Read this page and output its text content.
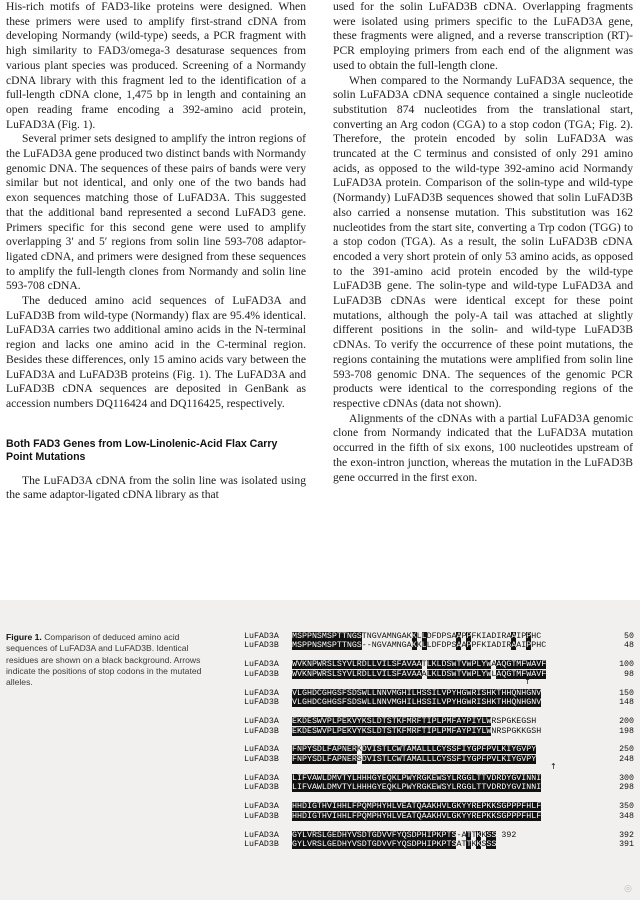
His-rich motifs of FAD3-like proteins were designed. When these primers were used to amplify first-strand cDNA from developing Normandy (wild-type) seeds, a PCR fragment with high similarity to FAD3/omega-3 desaturase sequences from various plant species was produced. Screening of a Normandy cDNA library with this fragment led to the identification of a full-length cDNA clone, 1,475 bp in length and containing an open reading frame encoding a 392-amino acid protein, LuFAD3A (Fig. 1).

Several primer sets designed to amplify the intron regions of the LuFAD3A gene produced two distinct bands with Normandy genomic DNA. The sequences of these pairs of bands were very similar but not identical, and only one of the two bands had exon sequences matching those of LuFAD3A. This suggested that the additional band represented a second LuFAD3 gene. Primers specific for this second gene were used to amplify overlapping 3′ and 5′ regions from solin line 593-708 adaptor-ligated cDNA, and primers were designed from these sequences to amplify the full-length clones from Normandy and solin line 593-708 cDNA.

The deduced amino acid sequences of LuFAD3A and LuFAD3B from wild-type (Normandy) flax are 95.4% identical. LuFAD3A carries two additional amino acids in the N-terminal region and lacks one amino acid in the C-terminal region. Besides these differences, only 15 amino acids vary between the LuFAD3A and LuFAD3B proteins (Fig. 1). The LuFAD3A and LuFAD3B cDNA sequences are deposited in GenBank as accession numbers DQ116424 and DQ116425, respectively.

Both FAD3 Genes from Low-Linolenic-Acid Flax Carry Point Mutations

The LuFAD3A cDNA from the solin line was isolated using the same adaptor-ligated cDNA library as that

used for the solin LuFAD3B cDNA. Overlapping fragments were isolated using primers specific to the LuFAD3A gene, these fragments were aligned, and a reverse transcription (RT)-PCR employing primers from each end of the alignment was used to obtain the full-length clone.

When compared to the Normandy LuFAD3A sequence, the solin LuFAD3A cDNA sequence contained a single nucleotide substitution 874 nucleotides from the translational start, converting an Arg codon (CGA) to a stop codon (TGA; Fig. 2). Therefore, the protein encoded by solin LuFAD3A was truncated at the C terminus and consisted of only 291 amino acids, as opposed to the wild-type 392-amino acid Normandy LuFAD3A protein. Comparison of the solin-type and wild-type (Normandy) LuFAD3B sequences showed that solin LuFAD3B also carried a nonsense mutation. This substitution was 162 nucleotides from the start site, converting a Trp codon (TGG) to a stop codon (TGA). As a result, the solin LuFAD3B cDNA encoded a very short protein of only 53 amino acids, as opposed to the 391-amino acid protein encoded by the wild-type LuFAD3B gene. The solin-type and wild-type LuFAD3A and LuFAD3B cDNAs were identical except for these point mutations, although the poly-A tail was attached at slightly different positions in the solin- and wild-type LuFAD3B cDNAs. To verify the occurrence of these point mutations, the regions containing the mutations were amplified from solin line 593-708 genomic DNA. The sequences of the genomic PCR products were identical to the corresponding regions of the respective cDNAs (data not shown).

Alignments of the cDNAs with a partial LuFAD3A genomic clone from Normandy indicated that the LuFAD3A mutation occurred in the fifth of six exons, 100 nucleotides upstream of the exon-intron junction, whereas the mutation in the LuFAD3B gene occurred in the first exon.

Figure 1. Comparison of deduced amino acid sequences of LuFAD3A and LuFAD3B. Identical residues are shown on a black background. Arrows indicate the positions of stop codons in the mutated alleles.
LuFAD3A	MSPPNSMSPTTNGSTNGVAMNGAKKLLDFDPSAAPPFKIADIRAAIPPHC	50
LuFAD3B	MSPPNSMSPTTNGS--NGVAMNGAKKLLDFDPSAAPPFKIADIRAAIPPHC	48
LuFAD3A	WVKNPWRSLSYVLRDLLVILSFAVAATLKLDSWTVWPLYWAAQGTMFWAVF	100
LuFAD3B	WVKNPWRSLSYVLRDLLVILSFAVAAALKLDSWTVWPLYWLAQGTMFWAVF	98
↑
LuFAD3A	VLGHDCGHGSFSDSWLLNNVMGHILHSSILVPYHGWRISHKTHHQNHGNV	150
LuFAD3B	VLGHDCGHGSFSDSWLLNNVMGHILHSSILVPYHGWRISHKTHHQNHGNV	148
LuFAD3A	EKDESWVPLPEKVYKSLDTSTKFMRFTIPLPMFAYPIYLWRSPGKEGSH	200
LuFAD3B	EKDESWVPLPEKVYKSLDTSTKFMRFTIPLPMFAYPIYLWNRSPGKKGSH	198
LuFAD3A	FNPYSDLFAPNERKDVISTLCWTAMALLLCYSSFIYGPFPVLKIYGVPY	250
LuFAD3B	FNPYSDLFAPNERSDVISTLCWTAMALLLCYSSFIYGPFPVLKIYGVPY	248
↑
LuFAD3A	LIFVAWLDMVTYLHHHGYEQKLPWYRGKEWSYLRGGLTTVDRDYGVINNI	300
LuFAD3B	LIFVAWLDMVTYLHHHGYEQKLPWYRGKEWSYLRGGLTTVDRDYGVINNI	298
LuFAD3A	HHDIGTHVIHHLFPQMPHYHLVEATQAAKHVLGKYYREPKKSGPPPFHLF	350
LuFAD3B	HHDIGTHVIHHLFPQMPHYHLVEATQAAKHVLGKYYREPKKSGPPPFHLF	348
LuFAD3A	GYLVRSLGEDHYVSDTGDVVFYQSDPHIPKPTS-ATTKKSS 392	392
LuFAD3B	GYLVRSLGEDHYVSDTGDVVFYQSDPHIPKPTSATTKKSSS	391
◎
